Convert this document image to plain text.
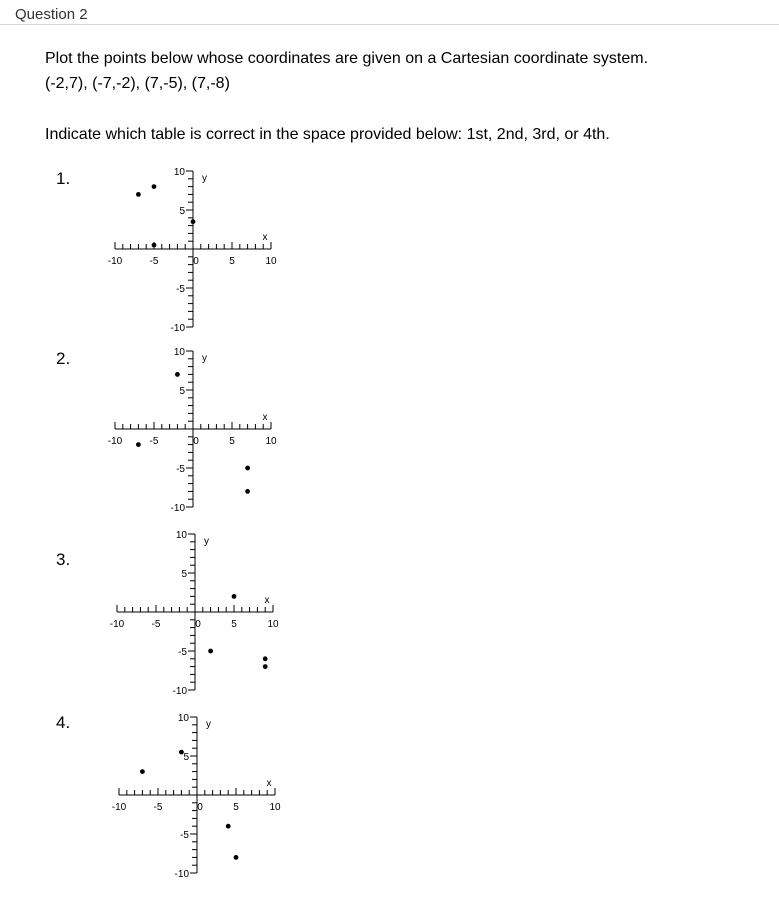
Question 2
Plot the points below whose coordinates are given on a Cartesian coordinate system.
(-2,7), (-7,-2), (7,-5), (7,-8)
Indicate which table is correct in the space provided below: 1st, 2nd, 3rd, or 4th.
1.
-10	-5	0	5	10
10
5
-5
-10
x
y
2.
-10	-5	0	5	10
10
5
-5
-10
x
y
3.
-10	-5	0	5	10
10
5
-5
-10
x
y
4.
-10	-5	0	5	10
10
5
-5
-10
x
y
